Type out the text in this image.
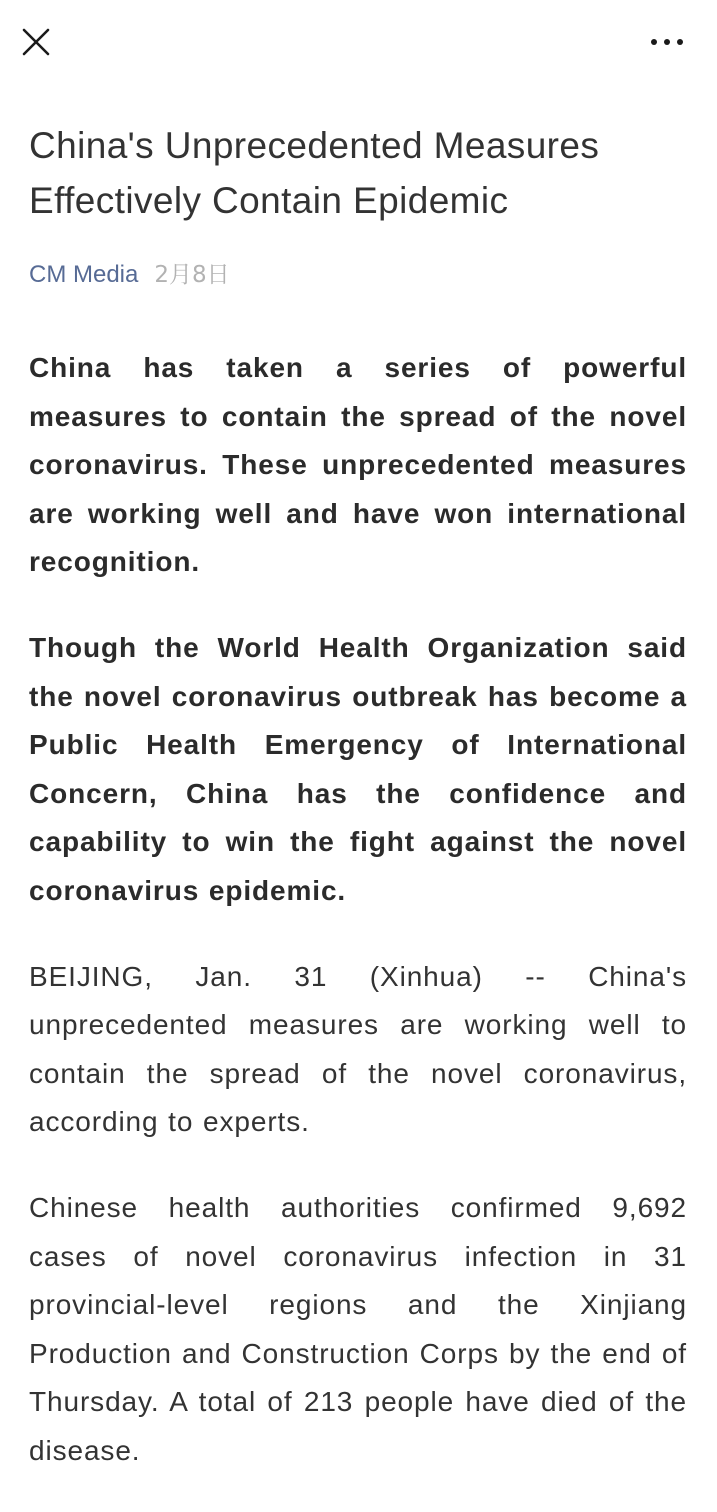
China's Unprecedented Measures Effectively Contain Epidemic
CM Media 2月8日

China has taken a series of powerful measures to contain the spread of the novel coronavirus. These unprecedented measures are working well and have won international recognition.

Though the World Health Organization said the novel coronavirus outbreak has become a Public Health Emergency of International Concern, China has the confidence and capability to win the fight against the novel coronavirus epidemic.

BEIJING, Jan. 31 (Xinhua) -- China's unprecedented measures are working well to contain the spread of the novel coronavirus, according to experts.

Chinese health authorities confirmed 9,692 cases of novel coronavirus infection in 31 provincial-level regions and the Xinjiang Production and Construction Corps by the end of Thursday. A total of 213 people have died of the disease.
